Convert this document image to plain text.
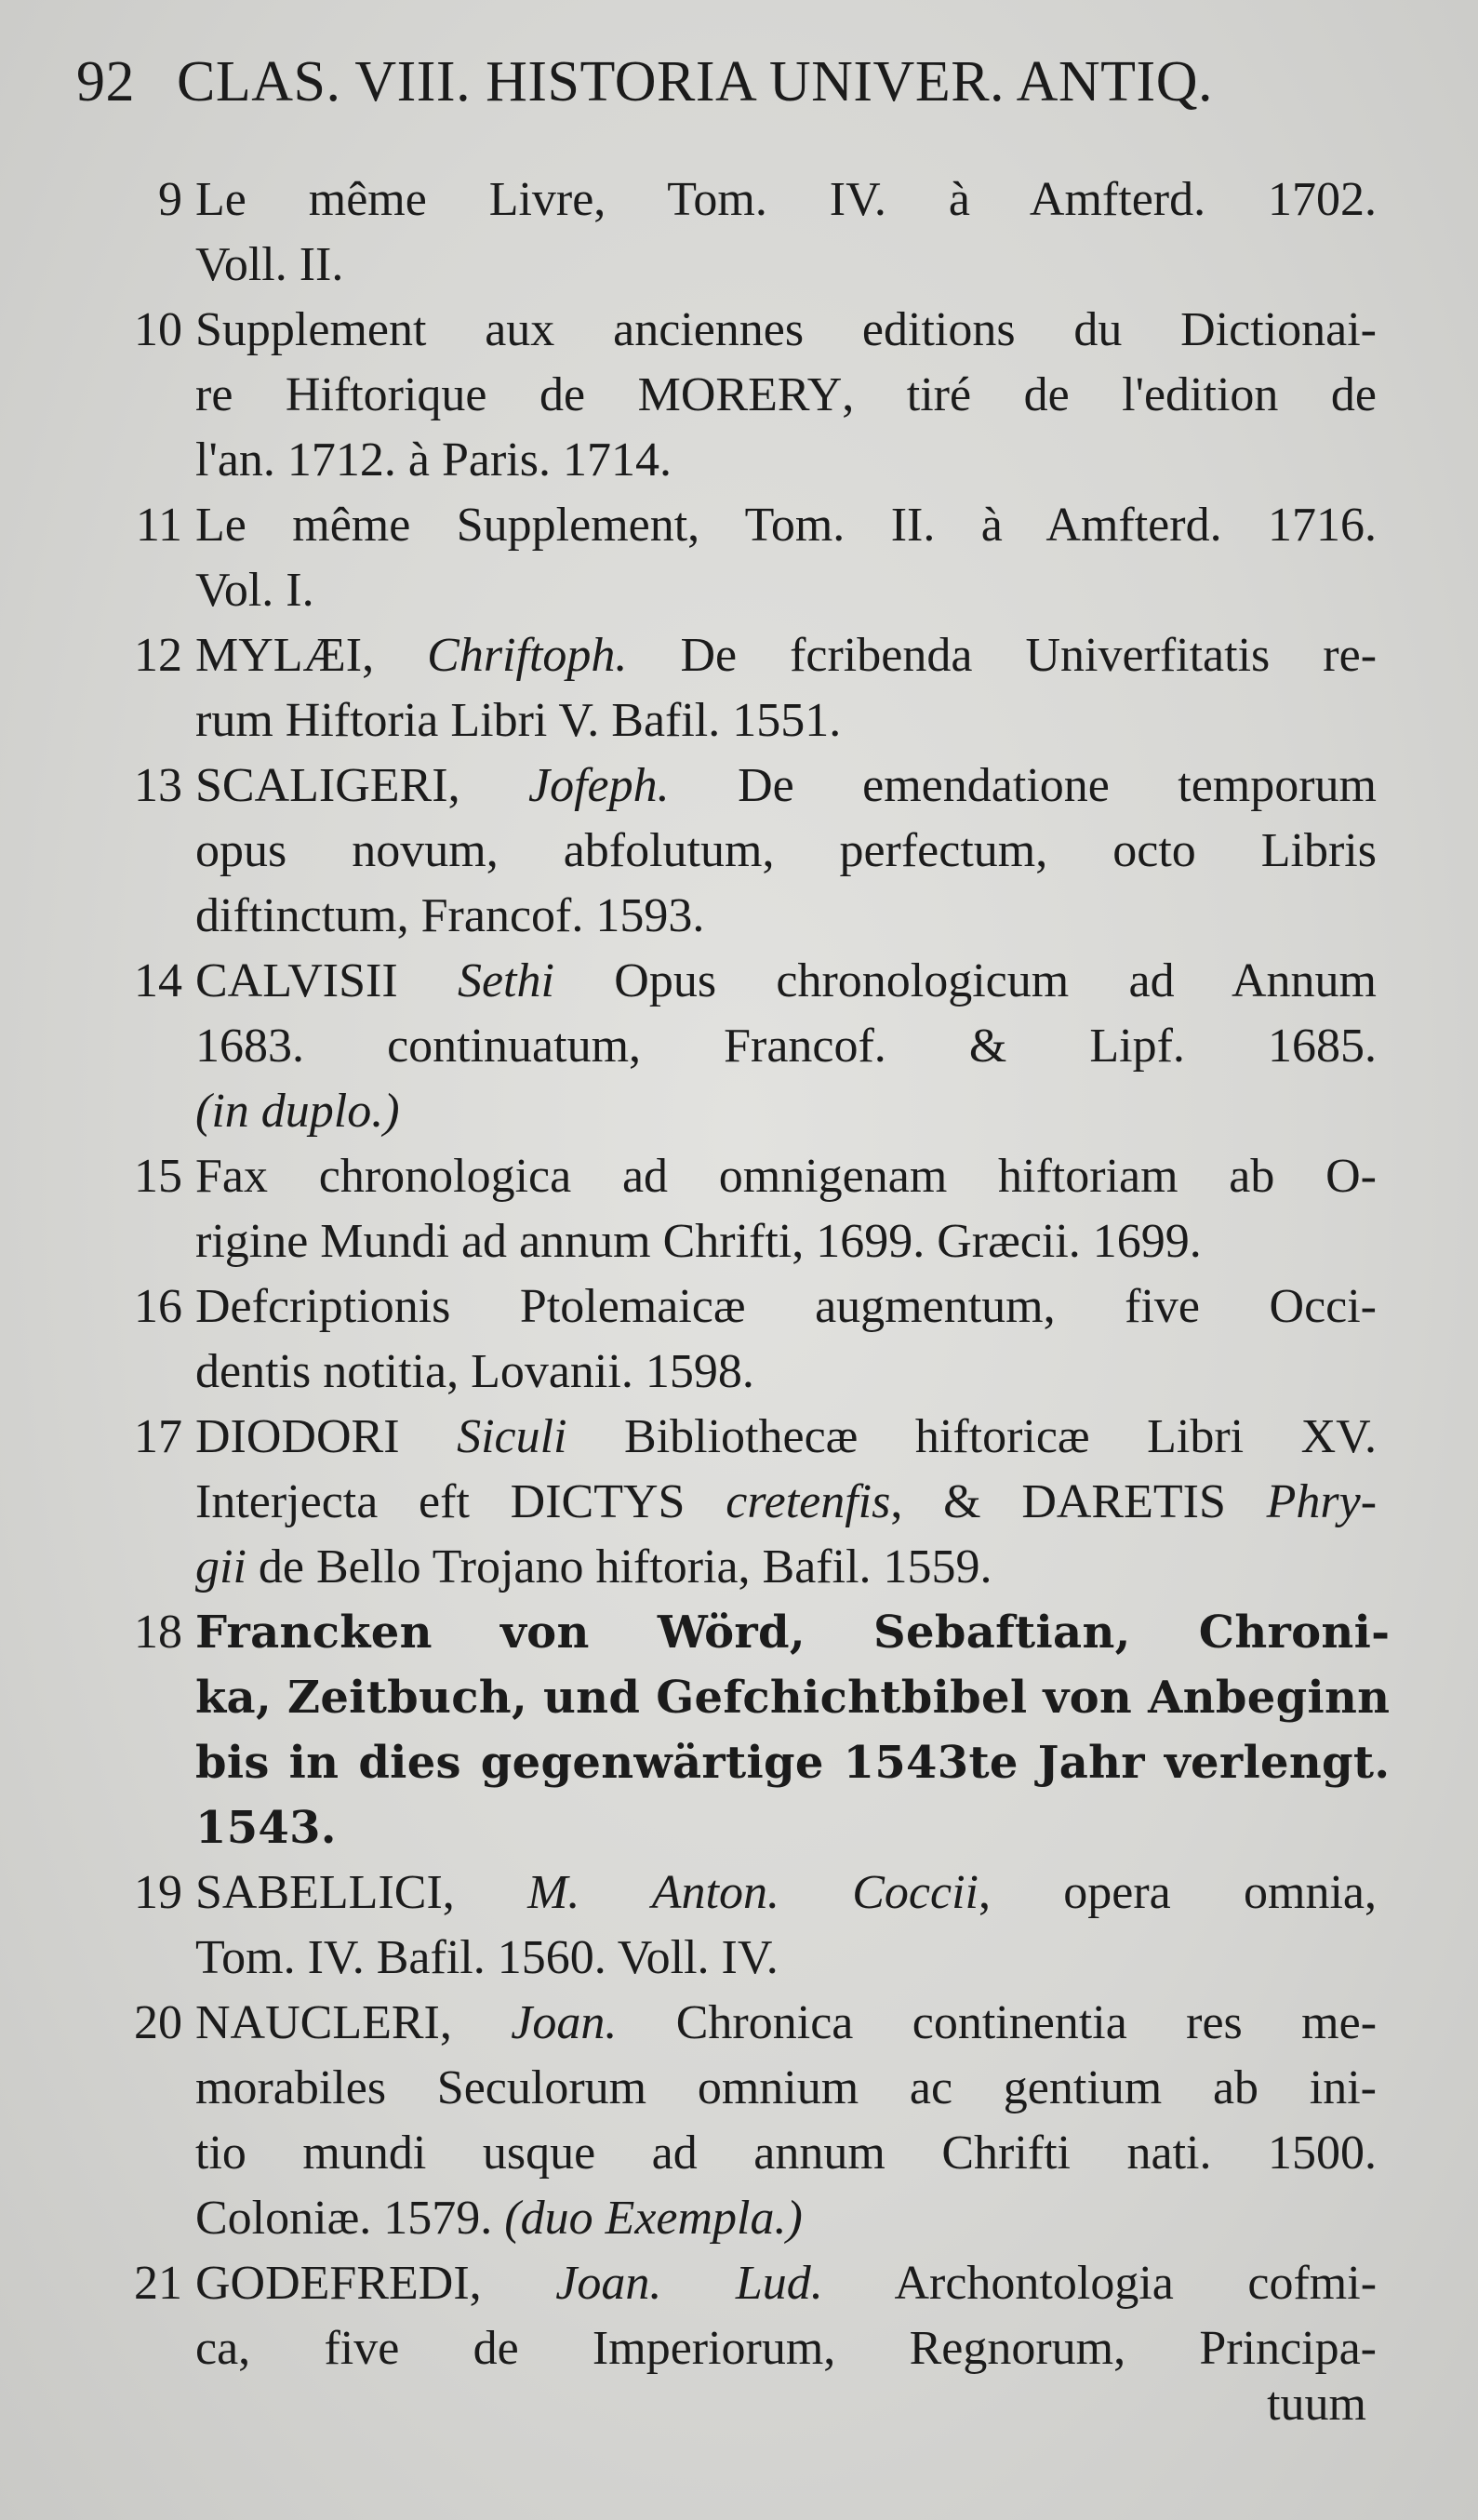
92 CLAS. VIII. HISTORIA UNIVER. ANTIQ.
9 Le même Livre, Tom. IV. à Amfterd. 1702.
Voll. II.
10 Supplement aux anciennes editions du Dictionai-
re Hiftorique de MORERY, tiré de l'edition de
l'an. 1712. à Paris. 1714.
11 Le même Supplement, Tom. II. à Amfterd. 1716.
Vol. I.
12 MYLÆI, Chriftoph. De fcribenda Univerfitatis re-
rum Hiftoria Libri V. Bafil. 1551.
13 SCALIGERI, Jofeph. De emendatione temporum
opus novum, abfolutum, perfectum, octo Libris
diftinctum, Francof. 1593.
14 CALVISII Sethi Opus chronologicum ad Annum
1683. continuatum, Francof. & Lipf. 1685.
(in duplo.)
15 Fax chronologica ad omnigenam hiftoriam ab O-
rigine Mundi ad annum Chrifti, 1699. Græcii. 1699.
16 Defcriptionis Ptolemaicæ augmentum, five Occi-
dentis notitia, Lovanii. 1598.
17 DIODORI Siculi Bibliothecæ hiftoricæ Libri XV.
Interjecta eft DICTYS cretenfis, & DARETIS Phry-
gii de Bello Trojano hiftoria, Bafil. 1559.
18 Francken von Wörd, Sebaftian, Chroni-
ka, Zeitbuch, und Gefchichtbibel von Anbeginn
bis in dies gegenwärtige 1543te Jahr verlengt.
1543.
19 SABELLICI, M. Anton. Coccii, opera omnia,
Tom. IV. Bafil. 1560. Voll. IV.
20 NAUCLERI, Joan. Chronica continentia res me-
morabiles Seculorum omnium ac gentium ab ini-
tio mundi usque ad annum Chrifti nati. 1500.
Coloniæ. 1579. (duo Exempla.)
21 GODEFREDI, Joan. Lud. Archontologia cofmi-
ca, five de Imperiorum, Regnorum, Principa-
tuum
